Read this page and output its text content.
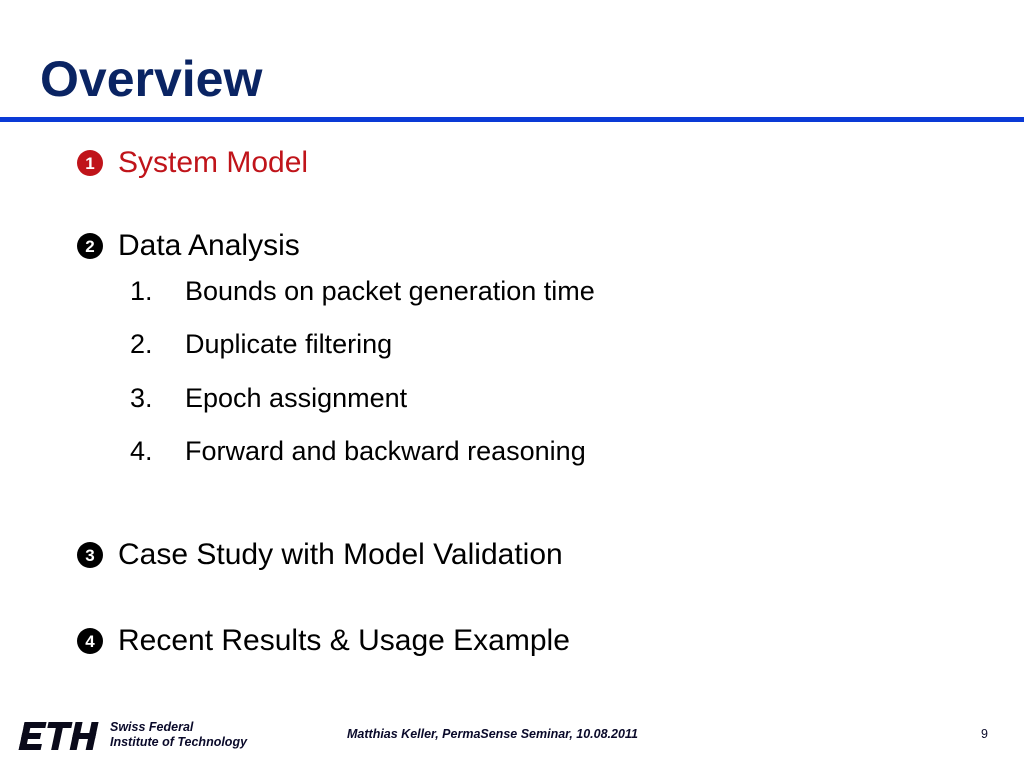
Overview
1 System Model
2 Data Analysis
1.	Bounds on packet generation time
2.	Duplicate filtering
3.	Epoch assignment
4.	Forward and backward reasoning
3 Case Study with Model Validation
4 Recent Results & Usage Example
Swiss Federal
Institute of Technology
Matthias Keller, PermaSense Seminar, 10.08.2011	9
